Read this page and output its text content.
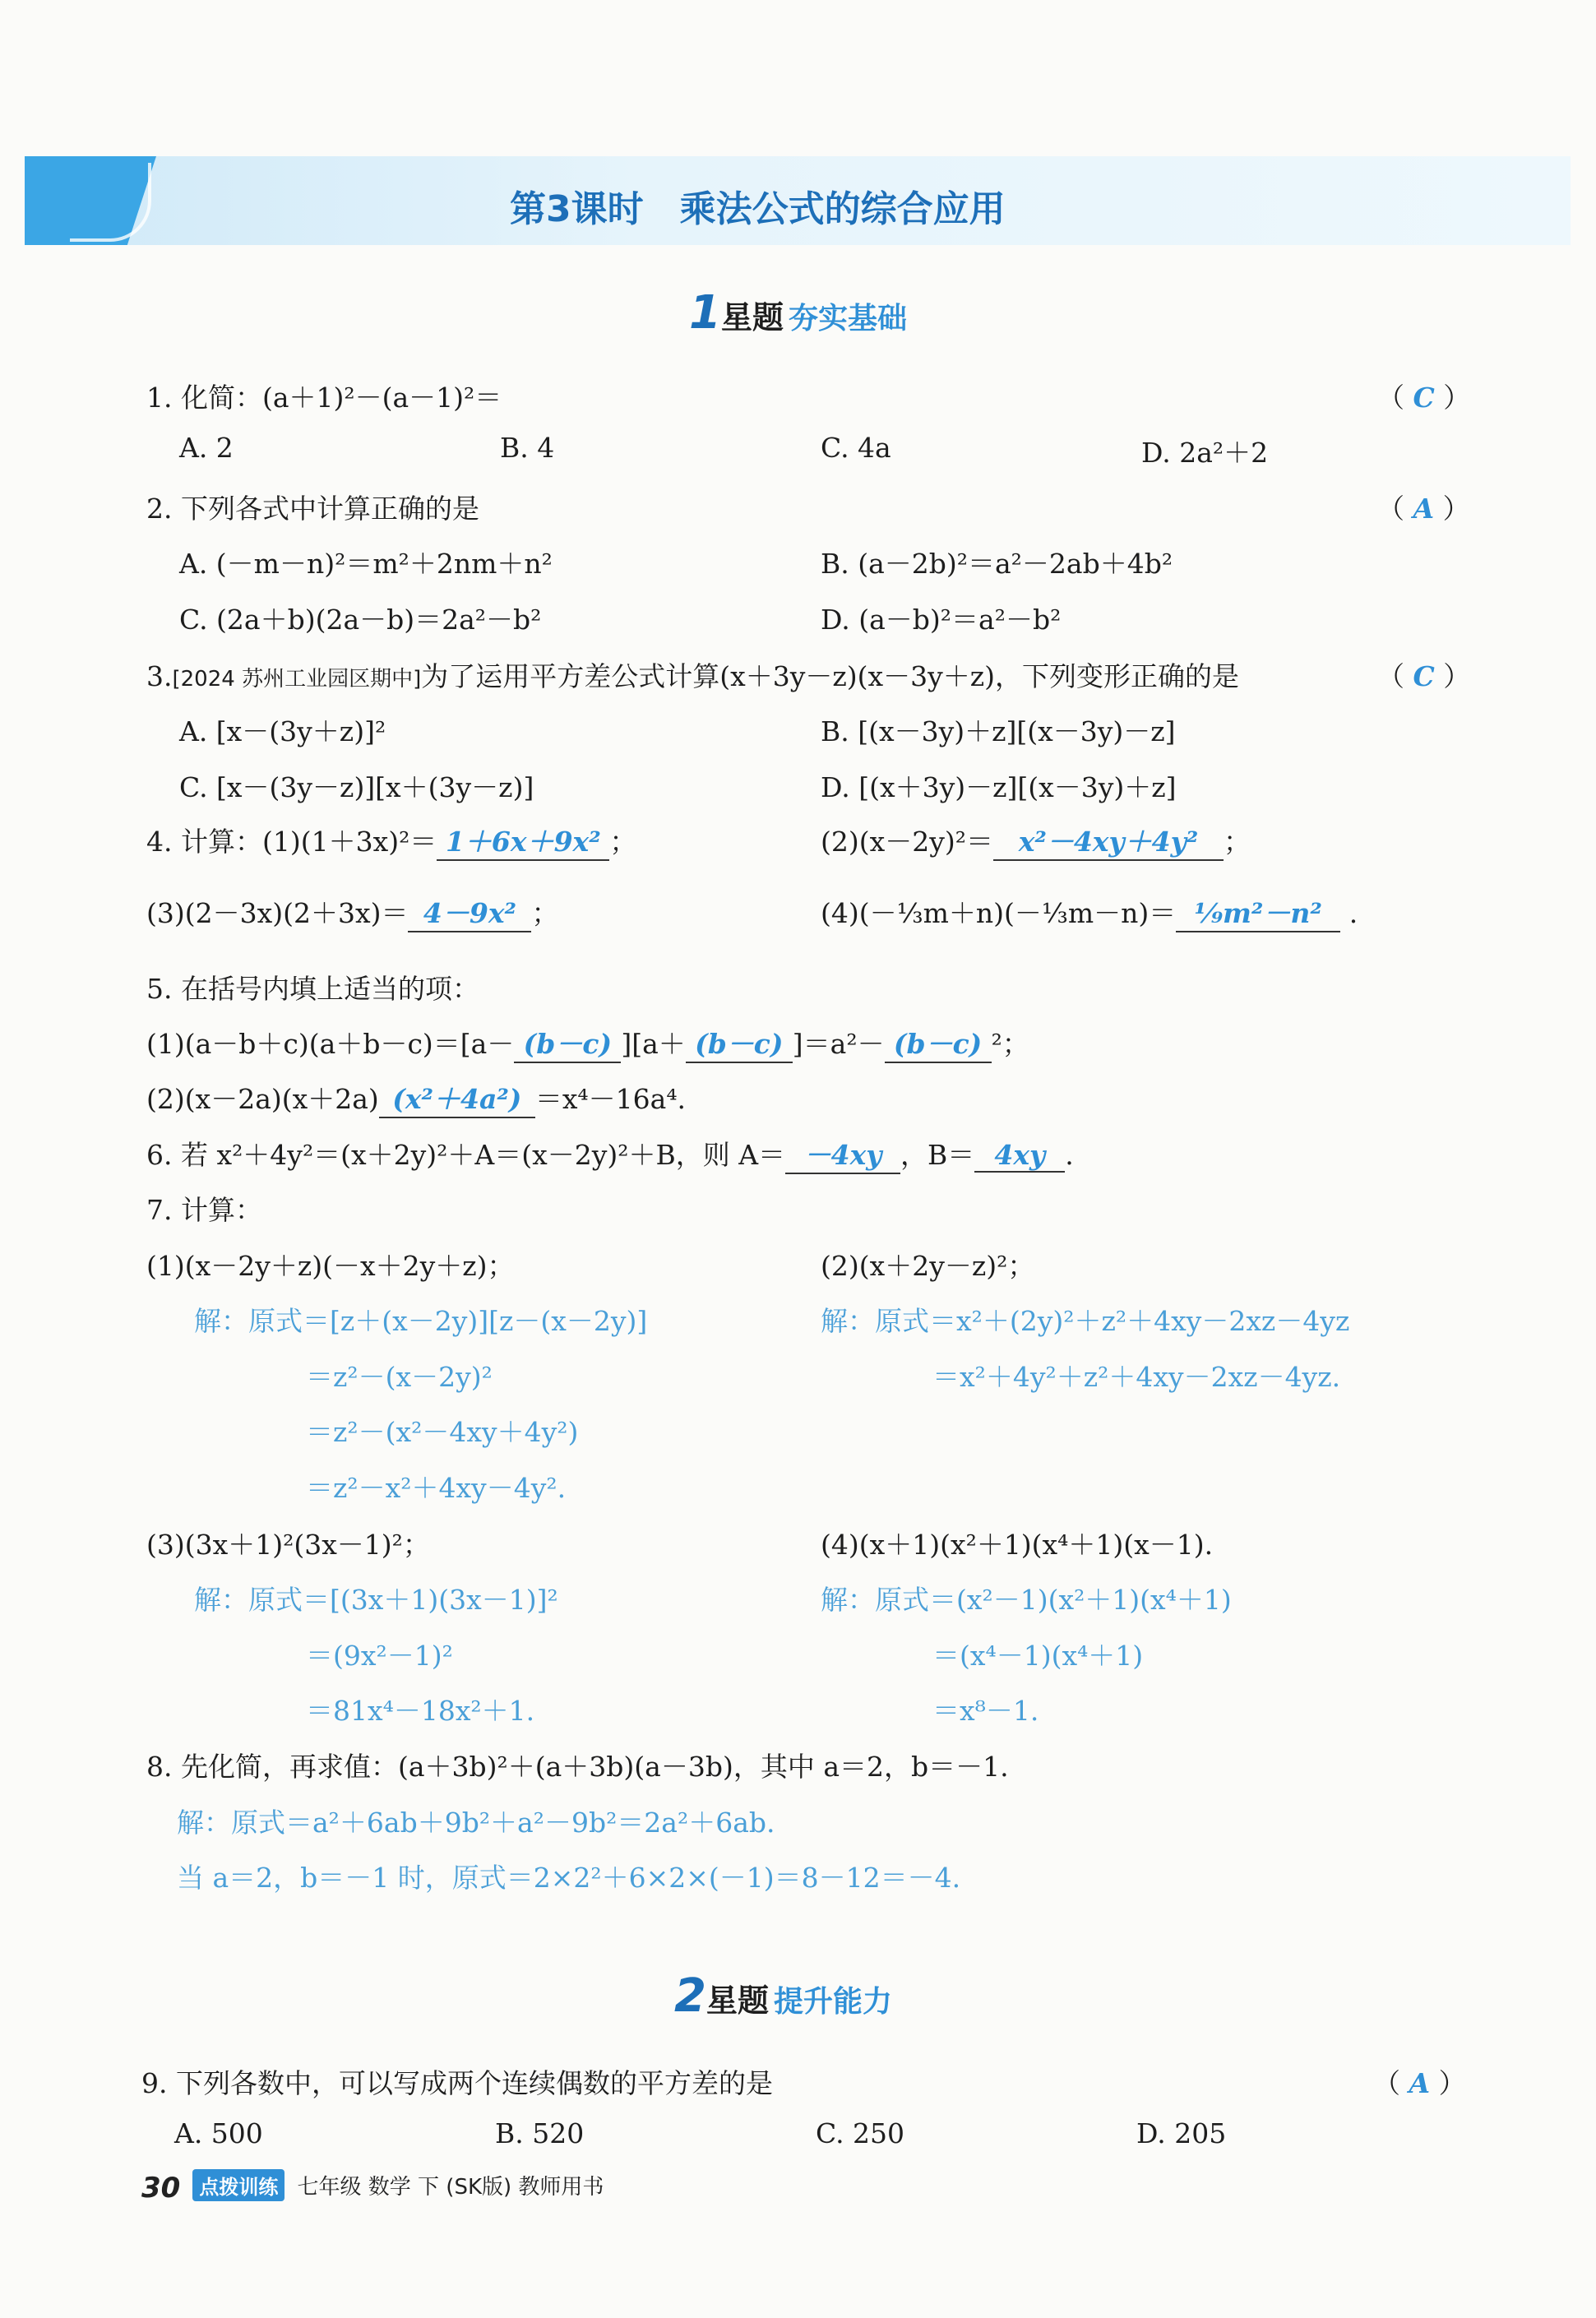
第3课时　乘法公式的综合应用
1星题 夯实基础
1. 化简：(a＋1)²－(a－1)²＝	（ C ）
A. 2	B. 4	C. 4a	D. 2a²＋2
2. 下列各式中计算正确的是	（ A ）
A. (－m－n)²＝m²＋2nm＋n²	B. (a－2b)²＝a²－2ab＋4b²
C. (2a＋b)(2a－b)＝2a²－b²	D. (a－b)²＝a²－b²
3.[2024 苏州工业园区期中]为了运用平方差公式计算(x＋3y－z)(x－3y＋z)，下列变形正确的是	（ C ）
A. [x－(3y＋z)]²	B. [(x－3y)＋z][(x－3y)－z]
C. [x－(3y－z)][x＋(3y－z)]	D. [(x＋3y)－z][(x－3y)＋z]
4. 计算：(1)(1＋3x)²＝ 1＋6x＋9x² ；	(2)(x－2y)²＝ x²－4xy＋4y² ；
(3)(2－3x)(2＋3x)＝ 4－9x² ；	(4)(－⅓m＋n)(－⅓m－n)＝ ⅑m²－n² .
5. 在括号内填上适当的项：
(1)(a－b＋c)(a＋b－c)＝[a－ (b－c) ][a＋ (b－c) ]＝a²－ (b－c) ²；
(2)(x－2a)(x＋2a) (x²＋4a²) ＝x⁴－16a⁴.
6. 若 x²＋4y²＝(x＋2y)²＋A＝(x－2y)²＋B，则 A＝ －4xy ，B＝ 4xy .
7. 计算：
(1)(x－2y＋z)(－x＋2y＋z)；	(2)(x＋2y－z)²；
解：原式＝[z＋(x－2y)][z－(x－2y)]
＝z²－(x－2y)²
＝z²－(x²－4xy＋4y²)
＝z²－x²＋4xy－4y².
解：原式＝x²＋(2y)²＋z²＋4xy－2xz－4yz
＝x²＋4y²＋z²＋4xy－2xz－4yz.
(3)(3x＋1)²(3x－1)²；	(4)(x＋1)(x²＋1)(x⁴＋1)(x－1).
解：原式＝[(3x＋1)(3x－1)]²
＝(9x²－1)²
＝81x⁴－18x²＋1.
解：原式＝(x²－1)(x²＋1)(x⁴＋1)
＝(x⁴－1)(x⁴＋1)
＝x⁸－1.
8. 先化简，再求值：(a＋3b)²＋(a＋3b)(a－3b)，其中 a＝2，b＝－1.
解：原式＝a²＋6ab＋9b²＋a²－9b²＝2a²＋6ab.
当 a＝2，b＝－1 时，原式＝2×2²＋6×2×(－1)＝8－12＝－4.
2星题 提升能力
9. 下列各数中，可以写成两个连续偶数的平方差的是	（ A ）
A. 500	B. 520	C. 250	D. 205
30 点拨训练 七年级 数学 下 (SK版) 教师用书
